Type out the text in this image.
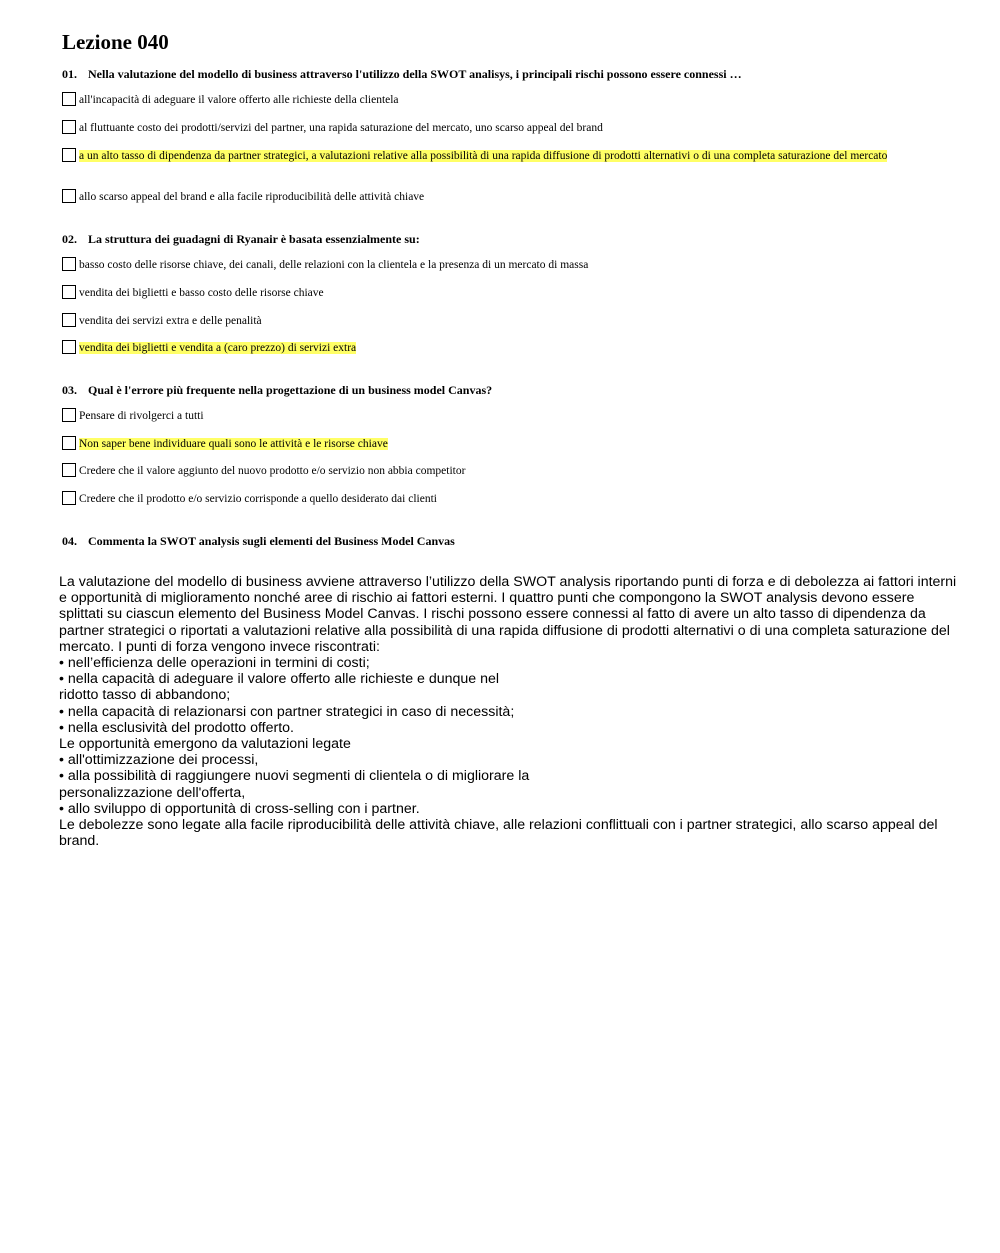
Lezione 040
01. Nella valutazione del modello di business attraverso l'utilizzo della SWOT analisys, i principali rischi possono essere connessi …
all'incapacità di adeguare il valore offerto alle richieste della clientela
al fluttuante costo dei prodotti/servizi del partner, una rapida saturazione del mercato, uno scarso appeal del brand
a un alto tasso di dipendenza da partner strategici, a valutazioni relative alla possibilità di una rapida diffusione di prodotti alternativi o di una completa saturazione del mercato
allo scarso appeal del brand e alla facile riproducibilità delle attività chiave
02. La struttura dei guadagni di Ryanair è basata essenzialmente su:
basso costo delle risorse chiave, dei canali, delle relazioni con la clientela e la presenza di un mercato di massa
vendita dei biglietti e basso costo delle risorse chiave
vendita dei servizi extra e delle penalità
vendita dei biglietti e vendita a (caro prezzo) di servizi extra
03. Qual è l'errore più frequente nella progettazione di un business model Canvas?
Pensare di rivolgerci a tutti
Non saper bene individuare quali sono le attività e le risorse chiave
Credere che il valore aggiunto del nuovo prodotto e/o servizio non abbia competitor
Credere che il prodotto e/o servizio corrisponde a quello desiderato dai clienti
04. Commenta la SWOT analysis sugli elementi del Business Model Canvas
La valutazione del modello di business avviene attraverso l’utilizzo della SWOT analysis riportando punti di forza e di debolezza ai fattori interni
e opportunità di miglioramento nonché aree di rischio ai fattori esterni. I quattro punti che compongono la SWOT analysis devono essere
splittati su ciascun elemento del Business Model Canvas. I rischi possono essere connessi al fatto di avere un alto tasso di dipendenza da
partner strategici o riportati a valutazioni relative alla possibilità di una rapida diffusione di prodotti alternativi o di una completa saturazione del
mercato. I punti di forza vengono invece riscontrati:
• nell’efficienza delle operazioni in termini di costi;
• nella capacità di adeguare il valore offerto alle richieste e dunque nel
ridotto tasso di abbandono;
• nella capacità di relazionarsi con partner strategici in caso di necessità;
• nella esclusività del prodotto offerto.
Le opportunità emergono da valutazioni legate
• all'ottimizzazione dei processi,
• alla possibilità di raggiungere nuovi segmenti di clientela o di migliorare la
personalizzazione dell'offerta,
• allo sviluppo di opportunità di cross-selling con i partner.
Le debolezze sono legate alla facile riproducibilità delle attività chiave, alle relazioni conflittuali con i partner strategici, allo scarso appeal del
brand.
